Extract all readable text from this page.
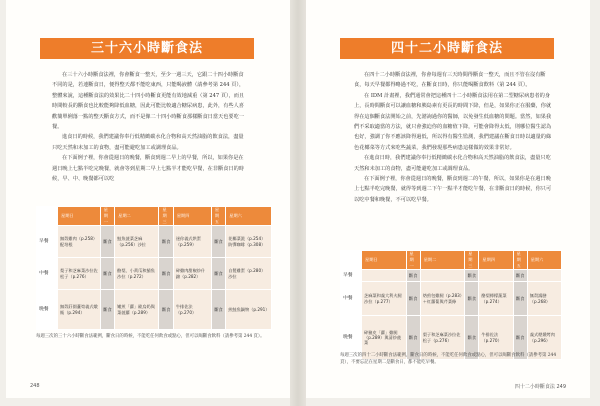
三十六小時斷食法

在三十六小時斷食法裡，你會斷食一整天，至少一週三天，它跟二十四小時斷食不同的是，若連斷食日，便得整天都不能吃東西，只能喝液體（請參考第 244 頁），整體來說，這種斷食法的效果比二十四小時斷食更能有效地減重（第 247 頁），而且時間較長的斷食也比較能夠降低血糖，因此可能比較適合糖尿病患，此外，有些人喜歡簡單俐落一點的整天斷食方式，而不是像二十四小時斷食那樣斷食日當天也要吃一餐。

進食日的時候，我們建議你奉行低精緻碳水化合物和高天然油脂的飲食法，盡量只吃天然和未加工的食物，盡可能避吃加工或調理食品。

在下面例子裡，你會從週日的晚餐，斷食到週二早上的早餐，所以，如果你是在週日晚上七點半吃完晚餐，就會等到星期二早上七點半才能吃早餐，在非斷食日的時候，早、中、晚餐都可以吃

	星期日	星期一	星期二	星期三	星期四	星期五	星期六
早餐	無殼雞肉（p.258）配培根	斷食	鮭魚菠菜芝麻（p.256）沙拉	斷食	迷你義式烘蛋（p.259）	斷食	花椰菜派（p.254）防彈咖啡（p.308）
中餐	梨子和芝麻菜沙拉佐松子（p.276）	斷食	酪梨、小黃瓜和鯖魚沙拉（p.272）	斷食	碎雞肉甜椒炒什錦（p.282）	斷食	自製雞蛋（p.280）沙拉
晚餐	無殼莊園蘆筍義式燉飯（p.294）	斷食	嫩煎「蘿」歐烏奶與菜菠蘿（p.289）	斷食	牛排佐法（p.270）	斷食	煎鮭魚鍋物（p.291）
每週三次的三十六小時斷食法範例，斷食日的時候，不能吃任何飲食或點心，但可以喝斷食飲料（請參考第 244 頁）。
248
四十二小時斷食法

在四十二小時斷食法裡，你會每週有三天時間得斷食一整天，而且不管在沒有斷食，每天早餐都得略過不吃，在斷食日時，你只能喝斷食飲料（第 244 頁）。

在 IDM 計畫裡，我們通常會把這種四十二小時斷食法用在第二型糖尿病患者的身上，長時間斷食可以讓血糖和胰島素有更長的時間下降，但是，如果你正在服藥，你就得在這個斷食法開始之前，先諮詢過你的醫師，以免發生低血糖的問題。當然，如果我們不采取適當的方法，就只會強迫你的血糖值下降，可能會降得太低，則哪位醫生認為也好，強調了你不應該降得過低，所以得有醫生監測，我們建議在斷食日時以適量的綠色花椰菜等方式來吃些蔬菜，我們發現那些病患這樣做的效果非常好。

在進食日時，我們建議你奉行低精緻碳水化合物和高天然油脂的飲食法，盡量只吃天然和未加工的食物，盡可能避吃加工或調理食品。

在下面例子裡，你會從週日的晚餐，斷食到週二的午餐，所以，如果你是在週日晚上七點半吃完晚餐，就得等到週二下午一點半才能吃午餐，在非斷食日的時候，你只可以吃中餐和晚餐，不可以吃早餐。

	星期日	星期一	星期二	星期三	星期四	星期五	星期六
早餐		斷食		斷食		斷食	
中餐	芝麻菜和義大利火腿沙拉（p.277）	斷食	烙煎包雞腿（p.283）＋紅蘿蔔與芹菜條	斷食	酪梨檸檬蔬菜（p.274）	斷食	無殼鴻膳（p.268）
晚餐	碎豬皮「蘿」雞腿（p.289）與清炒菠菜	斷食	梨子和芝麻菜沙拉佐松子（p.276）	斷食	牛排佐法（p.270）	斷食	義式煙燻烤肉（p.296）
每週三次的四十二小時斷食法範例，斷食日的時候，不能吃任何飲食或點心，但可以喝斷食飲料（請參考第 244 頁），不要忘記在星期二是斷食日，都不能吃早餐。
四十二小時斷食法 249
